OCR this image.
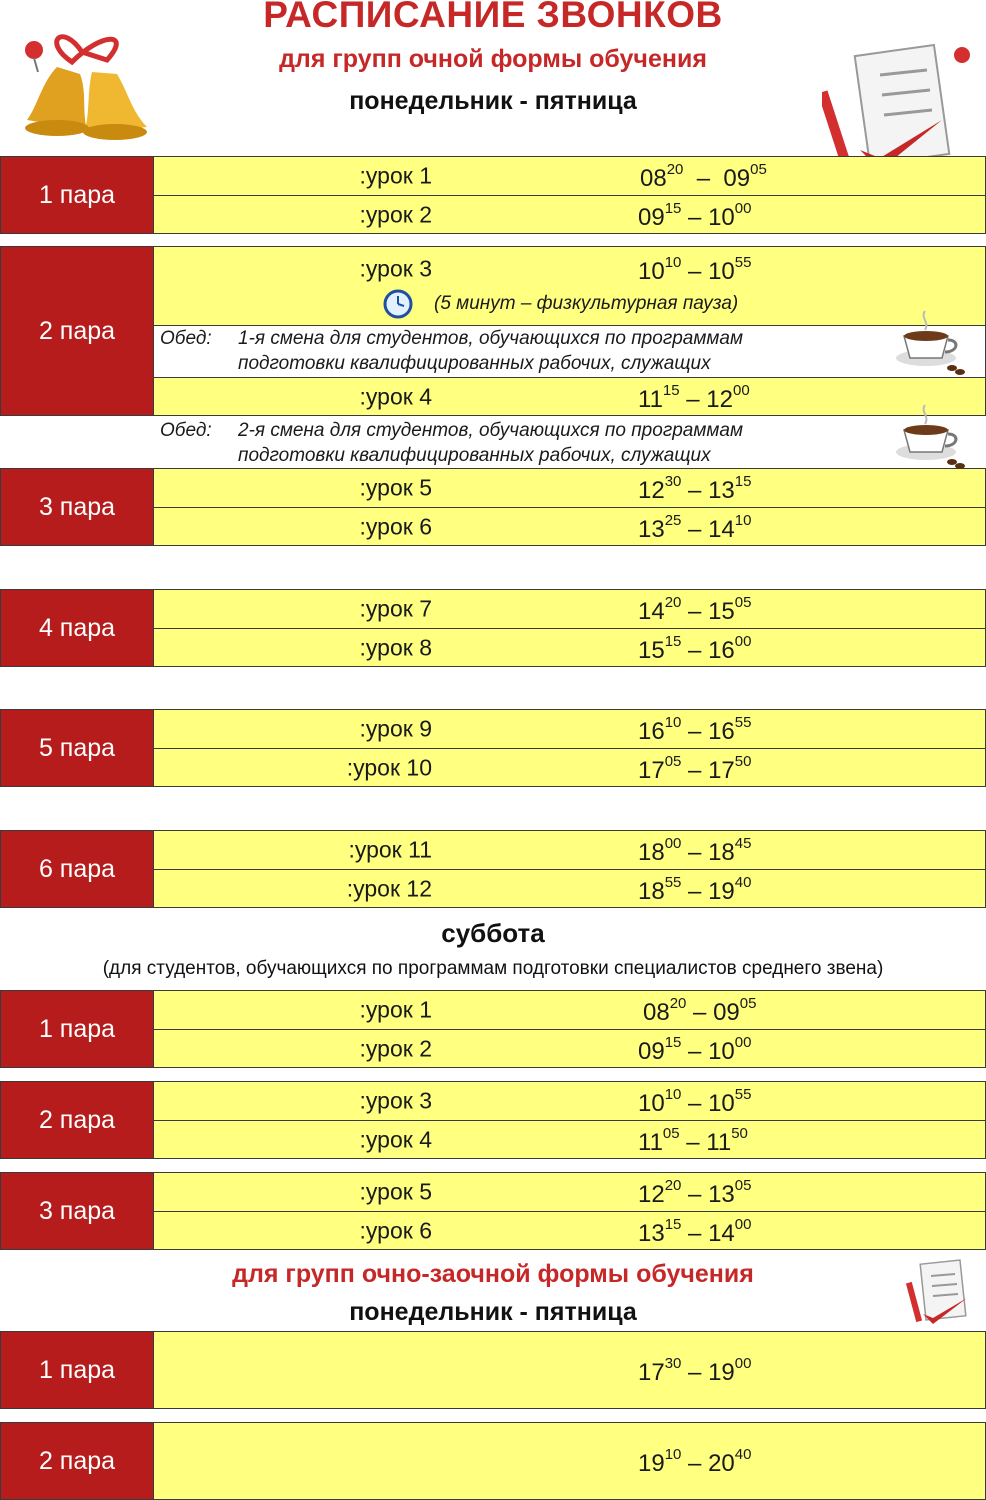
РАСПИСАНИЕ ЗВОНКОВ
для групп очной формы обучения
понедельник - пятница
1 пара
1 урок:	$08^{20} - 09^{05}$
2 урок:	$09^{15} - 10^{00}$
2 пара
3 урок:	$10^{10} - 10^{55}$
(5 минут – физкультурная пауза)
Обед: 1-я смена для студентов, обучающихся по программам
подготовки квалифицированных рабочих, служащих
4 урок:	$11^{15} - 12^{00}$
Обед: 2-я смена для студентов, обучающихся по программам
подготовки квалифицированных рабочих, служащих
3 пара
5 урок:	$12^{30} - 13^{15}$
6 урок:	$13^{25} - 14^{10}$
4 пара
7 урок:	$14^{20} - 15^{05}$
8 урок:	$15^{15} - 16^{00}$
5 пара
9 урок:	$16^{10} - 16^{55}$
10 урок:	$17^{05} - 17^{50}$
6 пара
11 урок:	$18^{00} - 18^{45}$
12 урок:	$18^{55} - 19^{40}$
суббота
(для студентов, обучающихся по программам подготовки специалистов среднего звена)
1 пара
1 урок:	$08^{20} - 09^{05}$
2 урок:	$09^{15} - 10^{00}$
2 пара
3 урок:	$10^{10} - 10^{55}$
4 урок:	$11^{05} - 11^{50}$
3 пара
5 урок:	$12^{20} - 13^{05}$
6 урок:	$13^{15} - 14^{00}$
для групп очно-заочной формы обучения
понедельник - пятница
1 пара	$17^{30} - 19^{00}$
2 пара	$19^{10} - 20^{40}$
